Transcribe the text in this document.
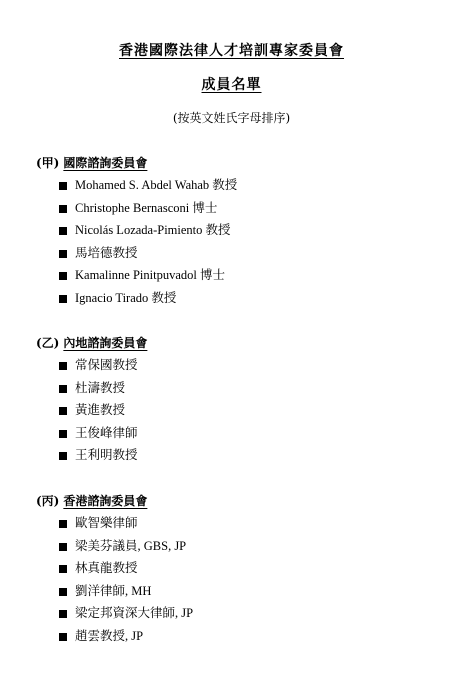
香港國際法律人才培訓專家委員會
成員名單
(按英文姓氏字母排序)
(甲) 國際諮詢委員會
Mohamed S. Abdel Wahab 教授
Christophe Bernasconi 博士
Nicolás Lozada-Pimiento 教授
馬培德教授
Kamalinne Pinitpuvadol 博士
Ignacio Tirado 教授
(乙) 內地諮詢委員會
常保國教授
杜濤教授
黃進教授
王俊峰律師
王利明教授
(丙) 香港諮詢委員會
歐智樂律師
梁美芬議員, GBS, JP
林真龍教授
劉洋律師, MH
梁定邦資深大律師, JP
趙雲教授, JP
